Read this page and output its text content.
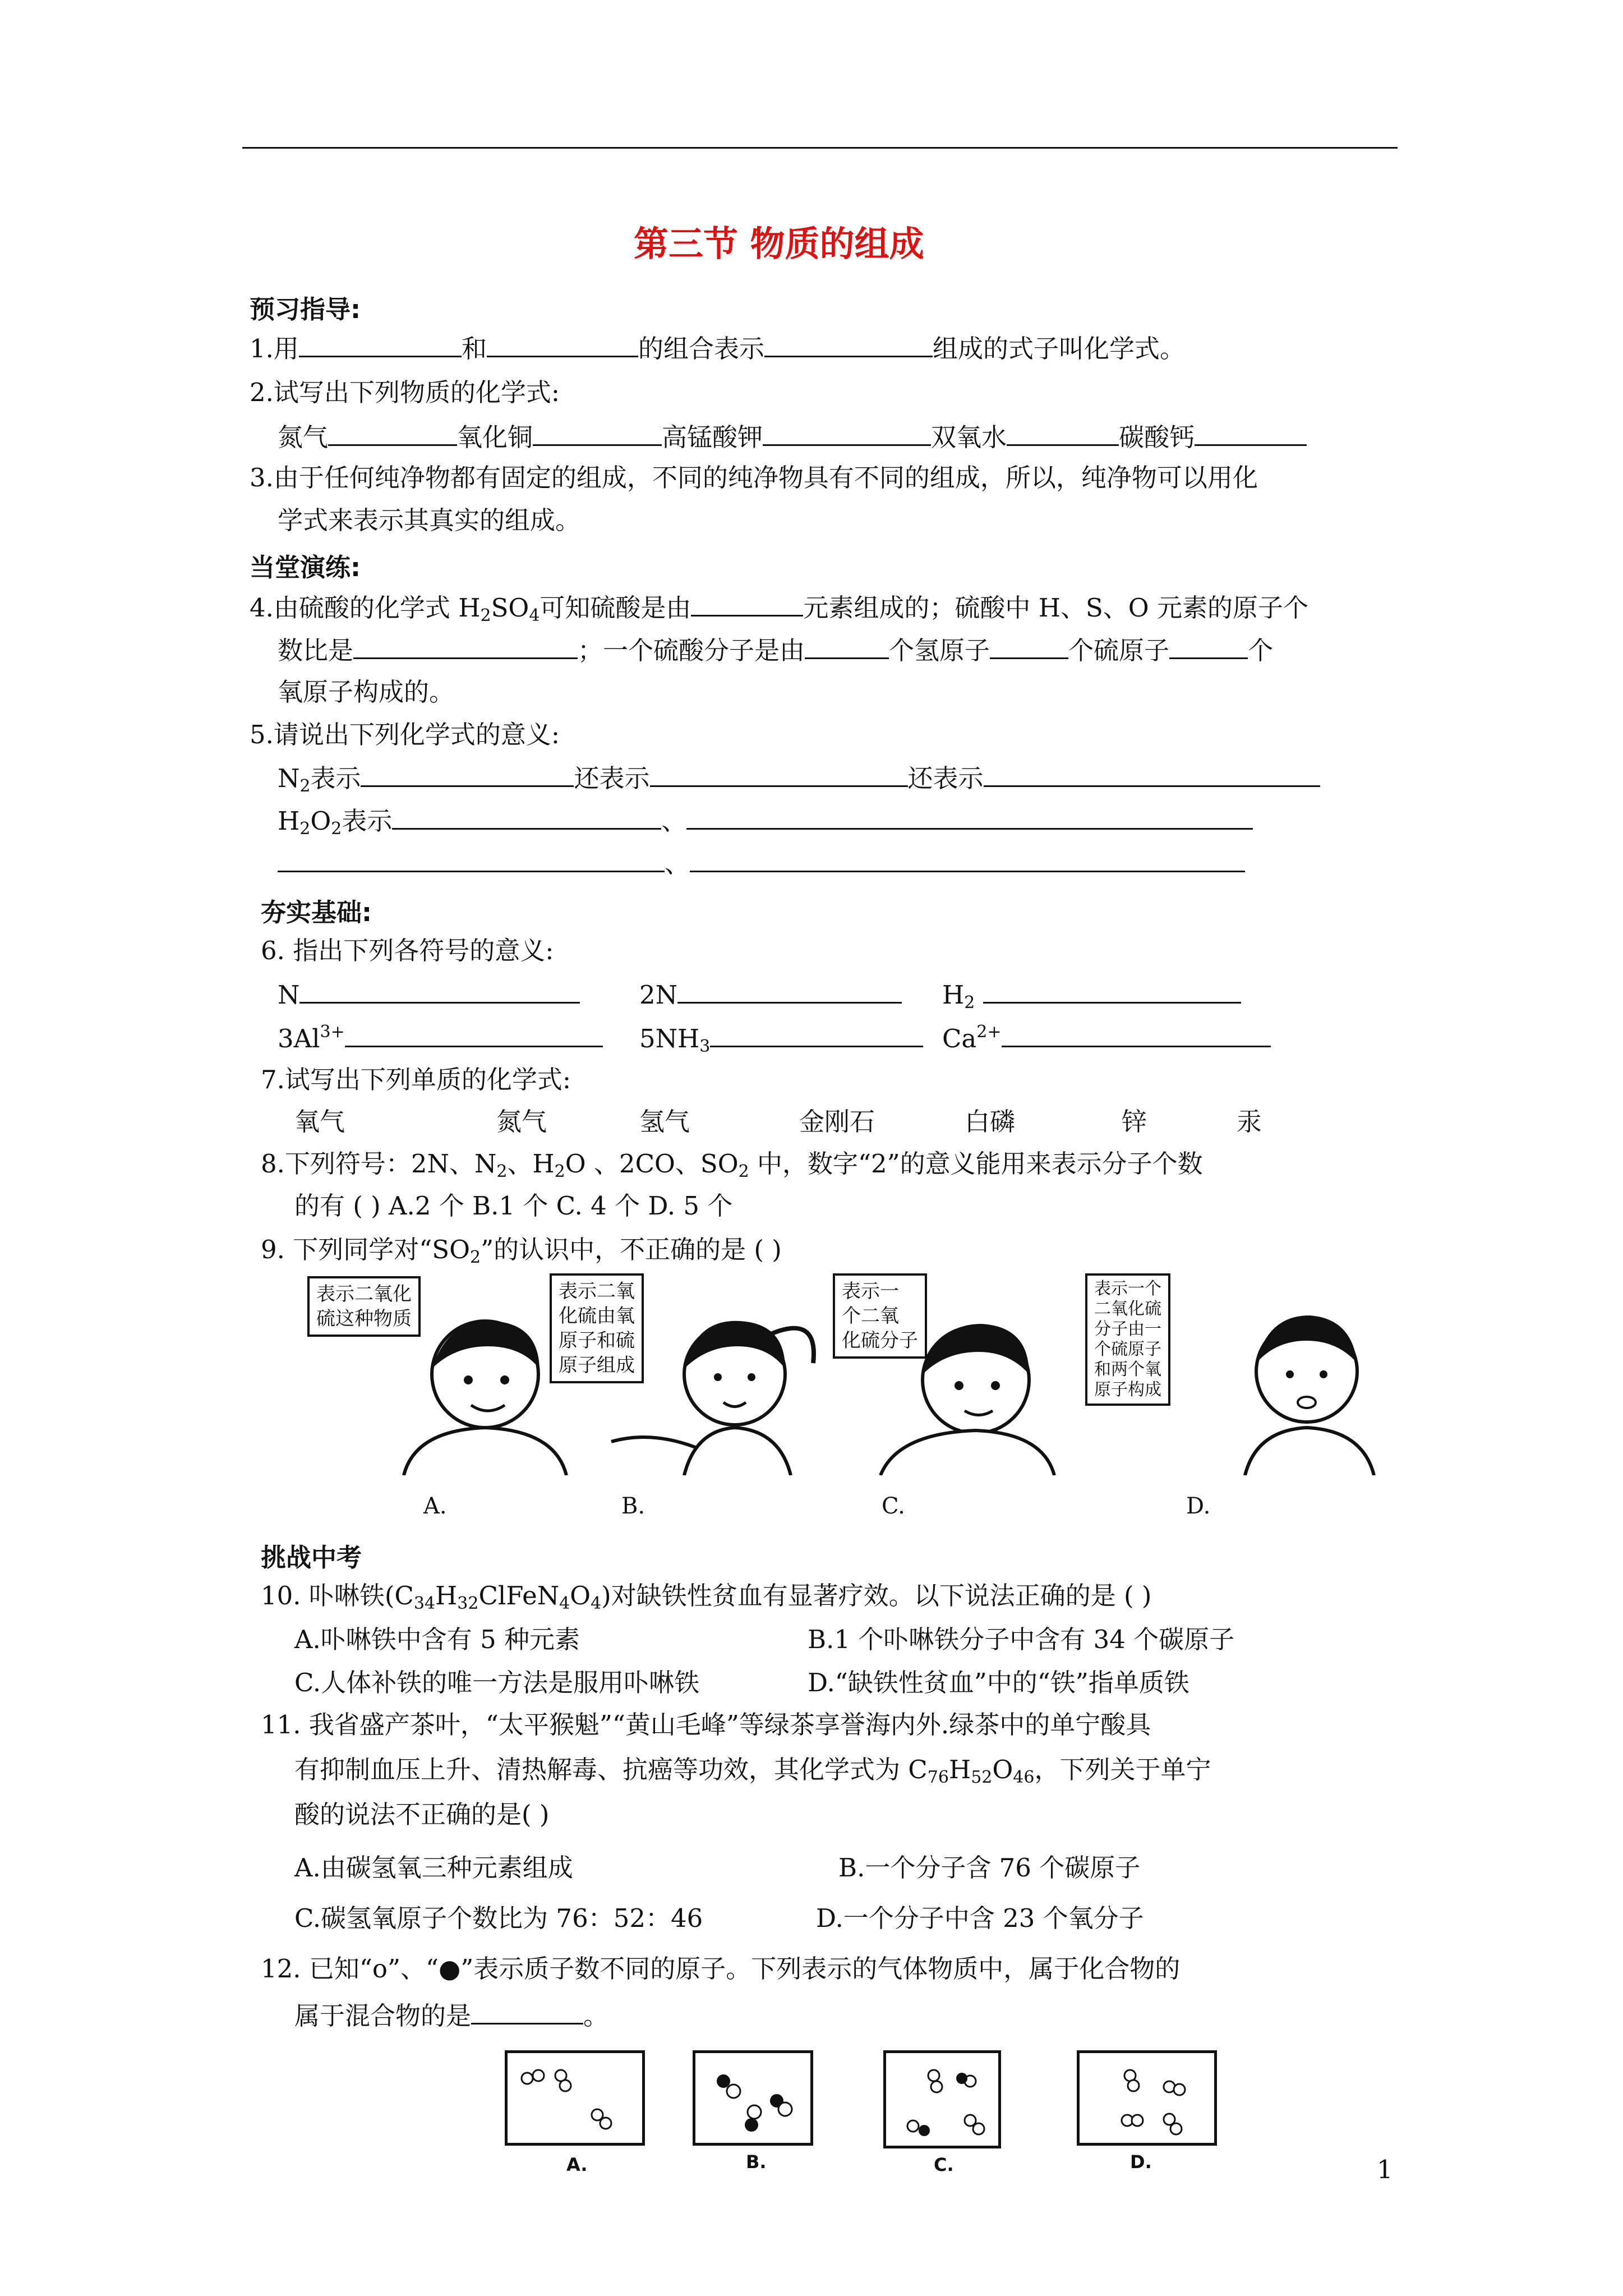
第三节 物质的组成
预习指导:
1.用	和	的组合表示	组成的式子叫化学式。
2.试写出下列物质的化学式:
氮气	氧化铜	高锰酸钾	双氧水	碳酸钙
3.由于任何纯净物都有固定的组成，不同的纯净物具有不同的组成，所以，纯净物可以用化
学式来表示其真实的组成。
当堂演练:
4.由硫酸的化学式 $H_2SO_4$可知硫酸是由	元素组成的；硫酸中 H、S、O 元素的原子个
数比是	；一个硫酸分子是由	个氢原子	个硫原子	个
氧原子构成的。
5.请说出下列化学式的意义:
$N_2$表示	还表示	还表示
$H_2O_2$表示	、
、
夯实基础:
6. 指出下列各符号的意义:
N	2N	$H_2$
$3Al^{3+}$	$5NH_3$	$Ca^{2+}$
7.试写出下列单质的化学式:
氧气	氮气	氢气	金刚石	白磷	锌	汞
8.下列符号：2N、$N_2$、$H_2O$ 、2CO、$SO_2$ 中，数字“2”的意义能用来表示分子个数
的有 ( ) A.2 个 B.1 个 C. 4 个 D. 5 个
9. 下列同学对“$SO_2$”的认识中，不正确的是 ( )
表示二氧化
硫这种物质
表示二氧
化硫由氧
原子和硫
原子组成
表示一
个二氧
化硫分子
表示一个
二氧化硫
分子由一
个硫原子
和两个氧
原子构成
A.	B.	C.	D.
挑战中考
10. 卟啉铁$(C_{34}H_{32}ClFeN_4O_4)$对缺铁性贫血有显著疗效。以下说法正确的是 ( )
A.卟啉铁中含有 5 种元素	B.1 个卟啉铁分子中含有 34 个碳原子
C.人体补铁的唯一方法是服用卟啉铁	D.“缺铁性贫血”中的“铁”指单质铁
11. 我省盛产茶叶，“太平猴魁”“黄山毛峰”等绿茶享誉海内外.绿茶中的单宁酸具
有抑制血压上升、清热解毒、抗癌等功效，其化学式为 $C_{76}H_{52}O_{46}$，下列关于单宁
酸的说法不正确的是( )
A.由碳氢氧三种元素组成	B.一个分子含 76 个碳原子
C.碳氢氧原子个数比为 76：52：46	D.一个分子中含 23 个氧分子
12. 已知“o”、“●”表示质子数不同的原子。下列表示的气体物质中，属于化合物的
属于混合物的是	。
A.	B.	C.	D.	1
